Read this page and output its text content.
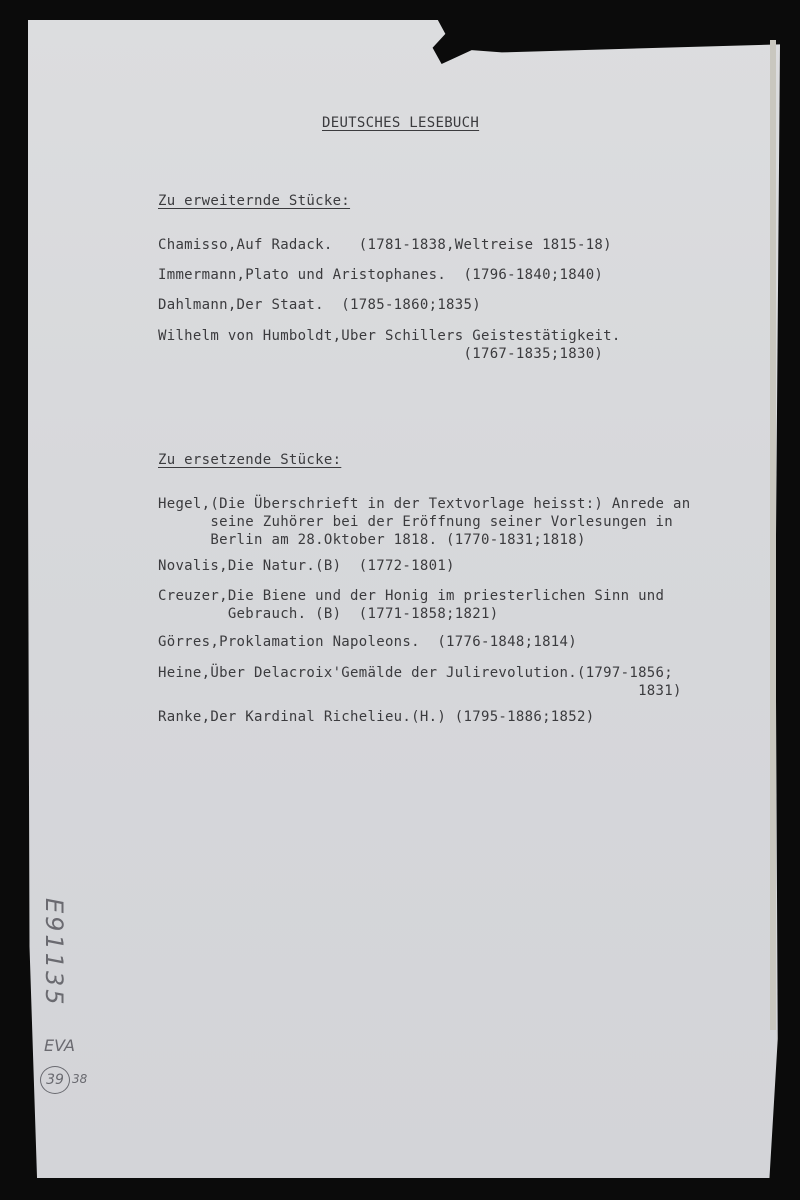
DEUTSCHES LESEBUCH

Zu erweiternde Stücke:

Chamisso,Auf Radack.   (1781-1838,Weltreise 1815-18)

Immermann,Plato und Aristophanes.  (1796-1840;1840)

Dahlmann,Der Staat.  (1785-1860;1835)

Wilhelm von Humboldt,Uber Schillers Geistestätigkeit.
(1767-1835;1830)

Zu ersetzende Stücke:

Hegel,(Die Überschrieft in der Textvorlage heisst:) Anrede an
seine Zuhörer bei der Eröffnung seiner Vorlesungen in
Berlin am 28.Oktober 1818. (1770-1831;1818)

Novalis,Die Natur.(B)  (1772-1801)

Creuzer,Die Biene und der Honig im priesterlichen Sinn und
Gebrauch. (B)  (1771-1858;1821)

Görres,Proklamation Napoleons.  (1776-1848;1814)

Heine,Über Delacroix'Gemälde der Julirevolution.(1797-1856;
1831)

Ranke,Der Kardinal Richelieu.(H.) (1795-1886;1852)

E91135
EVA
39 38
